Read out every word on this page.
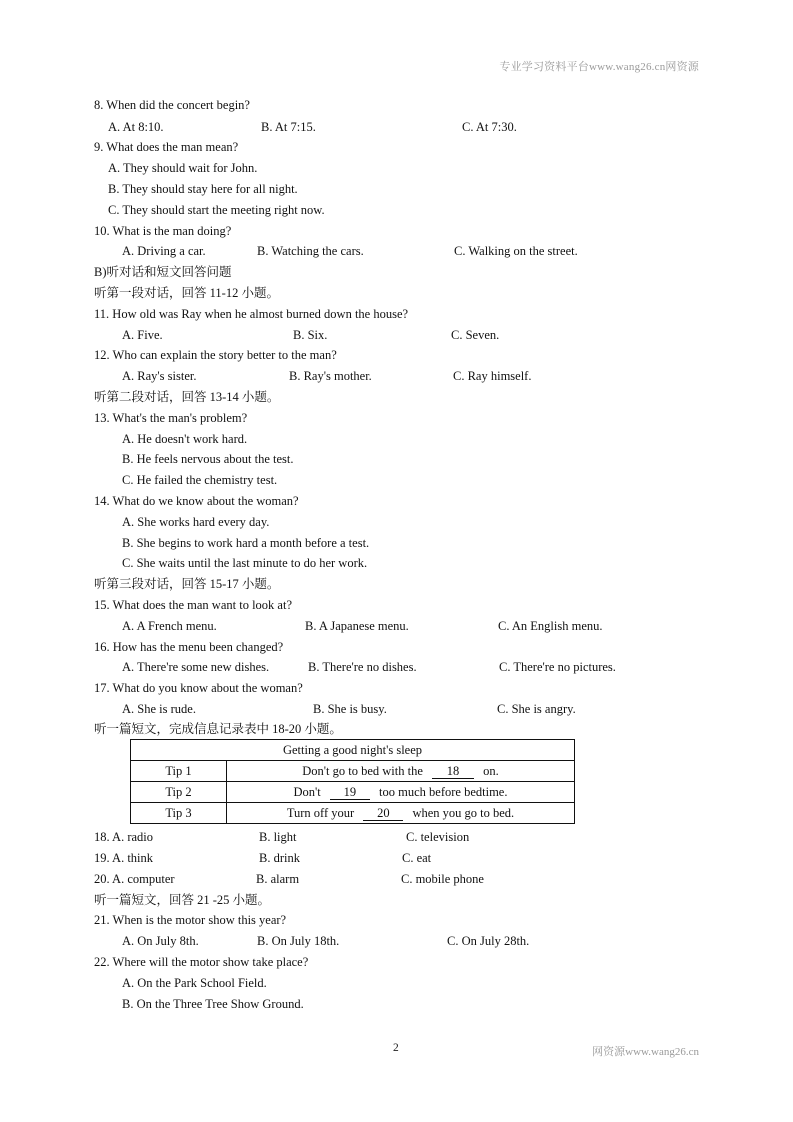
专业学习资料平台www.wang26.cn网资源
8. When did the concert begin?
A. At 8:10.	B. At 7:15.	C. At 7:30.
9. What does the man mean?
A. They should wait for John.
B. They should stay here for all night.
C. They should start the meeting right now.
10. What is the man doing?
A. Driving a car.	B. Watching the cars.	C. Walking on the street.
B)听对话和短文回答问题
听第一段对话，回答 11-12 小题。
11. How old was Ray when he almost burned down the house?
A. Five.	B. Six.	C. Seven.
12. Who can explain the story better to the man?
A. Ray's sister.	B. Ray's mother.	C. Ray himself.
听第二段对话，回答 13-14 小题。
13. What's the man's problem?
A. He doesn't work hard.
B. He feels nervous about the test.
C. He failed the chemistry test.
14. What do we know about the woman?
A. She works hard every day.
B. She begins to work hard a month before a test.
C. She waits until the last minute to do her work.
听第三段对话，回答 15-17 小题。
15. What does the man want to look at?
A. A French menu.	B. A Japanese menu.	C. An English menu.
16. How has the menu been changed?
A. There're some new dishes.	B. There're no dishes.	C. There're no pictures.
17. What do you know about the woman?
A. She is rude.	B. She is busy.	C. She is angry.
听一篇短文，完成信息记录表中 18-20 小题。
Getting a good night's sleep	
Tip 1	Don't go to bed with the 18 on.
Tip 2	Don't 19 too much before bedtime.
Tip 3	Turn off your 20 when you go to bed.
18. A. radio	B. light	C. television
19. A. think	B. drink	C. eat
20. A. computer	B. alarm	C. mobile phone
听一篇短文，回答 21 -25 小题。
21. When is the motor show this year?
A. On July 8th.	B. On July 18th.	C. On July 28th.
22. Where will the motor show take place?
A. On the Park School Field.
B. On the Three Tree Show Ground.
2	网资源www.wang26.cn
